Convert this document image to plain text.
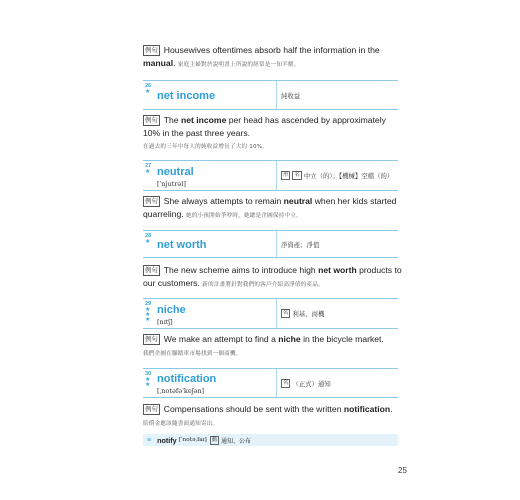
例句 Housewives oftentimes absorb half the information in the manual. 家庭主婦對於說明書上所說的經常是一知半解。
26
★ net income	純收益
例句 The net income per head has ascended by approximately 10% in the past three years.
在過去的三年中每人的純收益增長了大約 10%。
27
★ neutral
[ˈnjutrəl]
形	名 中立（的）；【機械】空檔（的）
例句 She always attempts to remain neutral when her kids started quarreling. 她的小孩開始爭吵時，她總是企圖保持中立。
28
★ net worth	淨資產；淨值
例句 The new scheme aims to introduce high net worth products to our customers. 新的計畫將針對我們的客戶介紹高淨值的產品。
29
★★★
niche
[nɪtʃ]
名 利基、商機
例句 We make an attempt to find a niche in the bicycle market.
我們企圖在腳踏車市場找到一個商機。
30
★★ notification
[ˌnotəfəˈkeʃən]
名 （正式）通知
例句 Compensations should be sent with the written notification.
賠償金應該隨書面通知寄出。
≡ notify [ˈnotəˌfaɪ] 動 通知、公布
25
